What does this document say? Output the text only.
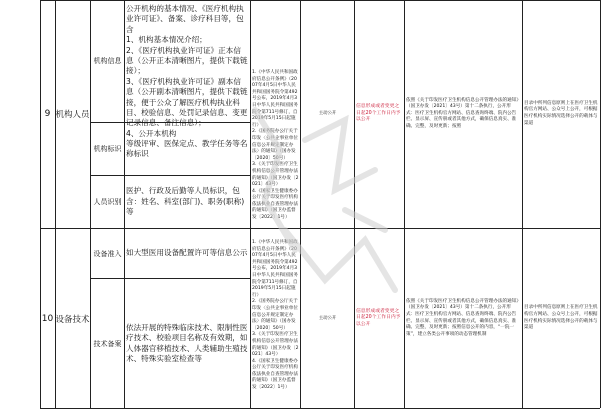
9 机构人员
机构信息
公开机构的基本情况、《医疗机构执业许可证》、备案、诊疗科目等，包含
1、机构基本情况介绍；
2、《医疗机构执业许可证》正本信息（公开正本清晰图片，提供下载链接）；
3、《医疗机构执业许可证》副本信息（公开副本清晰图片，提供下载链接，便于公众了解医疗机构执业科目、校验信息、处罚记录信息、变更记录信息、备注信息）；
4、公开本机构
机构标识
等级评审、医保定点、教学任务等名称标识
人员识别
医护、行政及后勤等人员标识，包含：姓名、科室(部门)、职务(职称)等
1.《中华人民共和国政府信息公开条例》（2007年4月5日中华人民共和国国务院令第492号公布，2019年4月3日中华人民共和国国务院令第711号修订，自2019年5月15日起施行）
2.《国务院办公厅关于印发〈公共企事业单位信息公开规定制定办法〉的通知》（国办发〔2020〕50号）
3.《关于印发医疗卫生机构信息公开管理办法的通知》（国卫办发〔2021〕43号）
4.《国家卫生健康委办公厅关于印发医疗机构依法执业自查管理办法的通知》（国卫办监督发〔2022〕1号）
主动公开
信息形成或者变更之日起20个工作日内予以公开
依照《关于印发医疗卫生机构信息公开管理办法的通知》（国卫办发〔2021〕43号）第十二条执行，公开形式：医疗卫生机构官方网站、信息查询终端、院内公告栏、显示屏、宣传册或者其他方式，确保信息真实、准确、完整，及时更新；按照
目录中所列信息原则上在医疗卫生机构官方网站、公众号上公开，可根据医疗机构实际情况选择公开的载体与渠道
10 设备技术
设备准入 如大型医用设备配置许可等信息公示
技术备案
依法开展的特殊临床技术、限制性医疗技术、校验项目名称及有效期，如人体器官移植技术、人类辅助生殖技术、特殊实验室检查等
1.《中华人民共和国政府信息公开条例》（2007年4月5日中华人民共和国国务院令第492号公布，2019年4月3日中华人民共和国国务院令第711号修订，自2019年5月15日起施行）
2.《国务院办公厅关于印发〈公共企事业单位信息公开规定制定办法〉的通知》（国办发〔2020〕50号）
3.《关于印发医疗卫生机构信息公开管理办法的通知》（国卫办发〔2021〕43号）
4.《国家卫生健康委办公厅关于印发医疗机构依法执业自查管理办法的通知》（国卫办监督发〔2022〕1号）
主动公开
信息形成或者变更之日起20个工作日内予以公开
依照《关于印发医疗卫生机构信息公开管理办法的通知》（国卫办发〔2021〕43号）第十二条执行，公开形式：医疗卫生机构官方网站、信息查询终端、院内公告栏、显示屏、宣传册或者其他方式，确保信息真实、准确、完整，及时更新；按照信息公开的内容，“一院一策”，建立各类公开事项的动态管理机制
目录中所列信息原则上在医疗卫生机构官方网站、公众号上公开，可根据医疗机构实际情况选择公开的载体与渠道
